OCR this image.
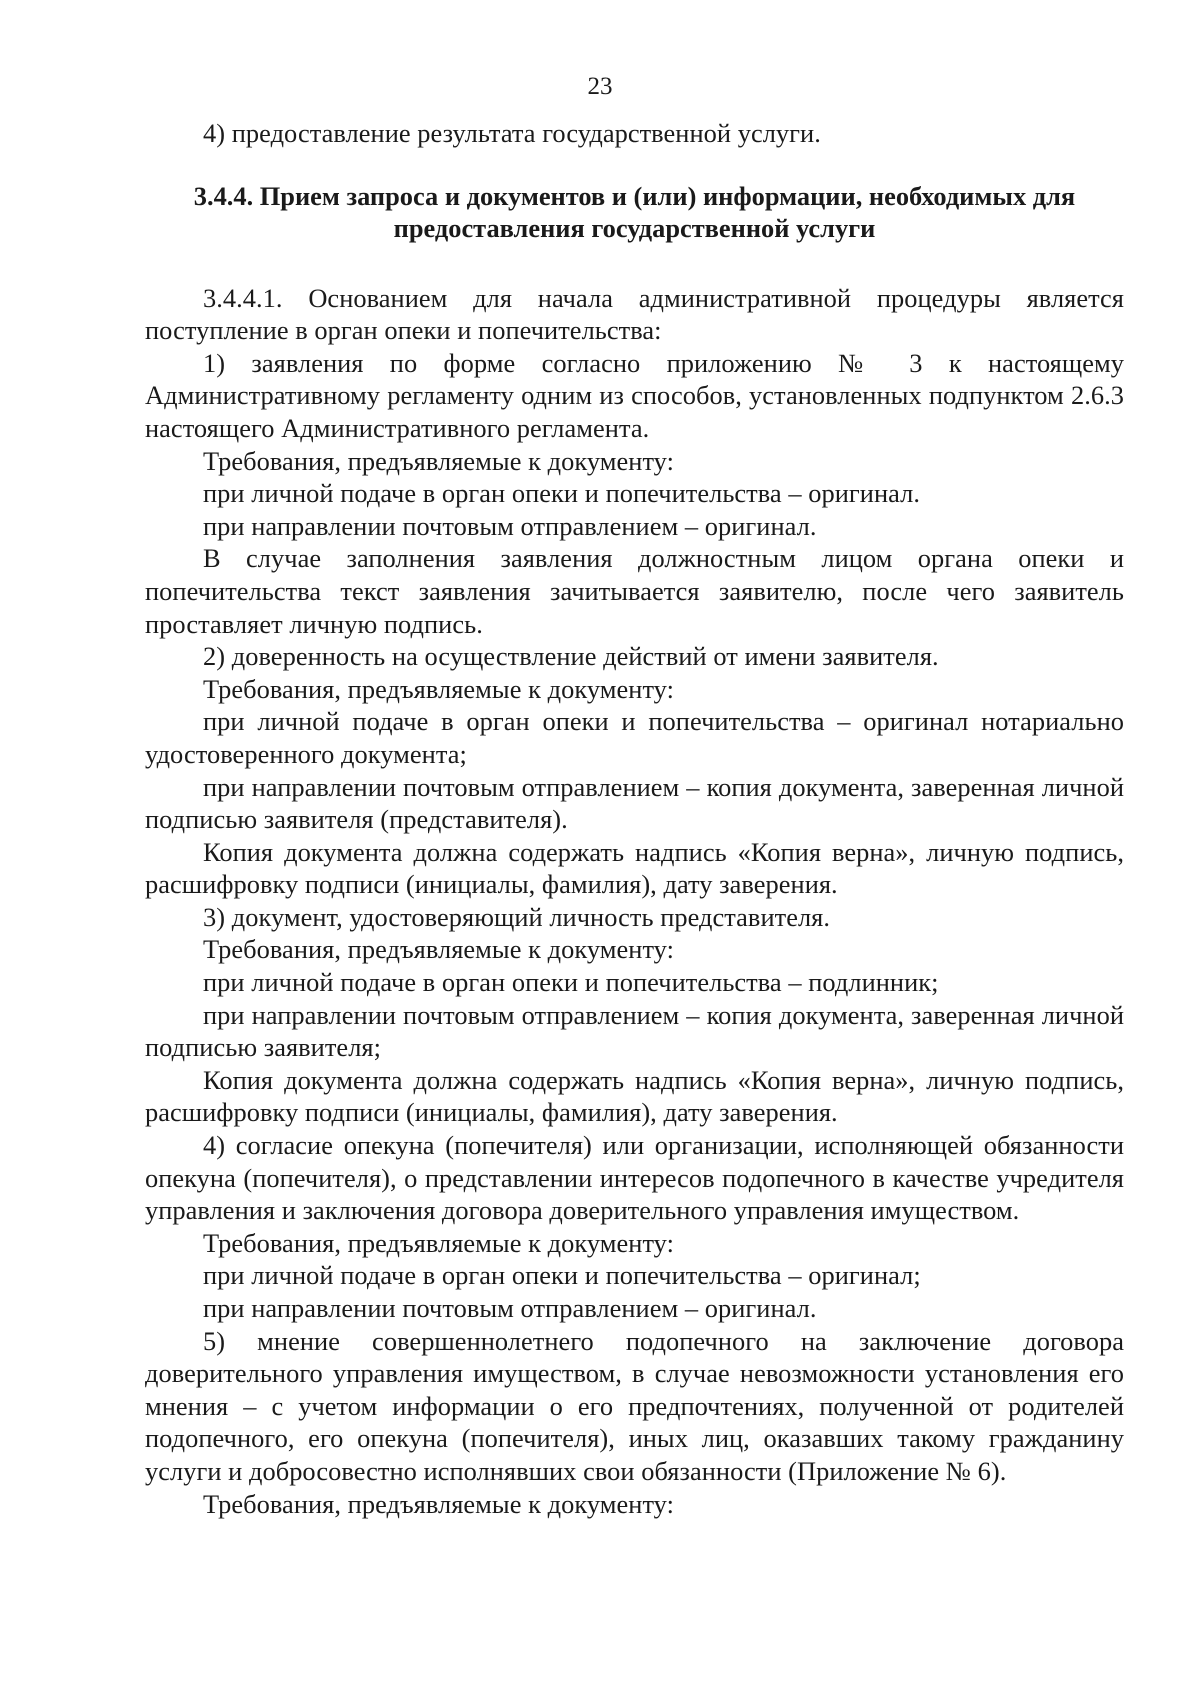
23

4) предоставление результата государственной услуги.

3.4.4. Прием запроса и документов и (или) информации, необходимых для предоставления государственной услуги

3.4.4.1. Основанием для начала административной процедуры является поступление в орган опеки и попечительства:

1) заявления по форме согласно приложению № 3 к настоящему Административному регламенту одним из способов, установленных подпунктом 2.6.3 настоящего Административного регламента.

Требования, предъявляемые к документу:

при личной подаче в орган опеки и попечительства – оригинал.

при направлении почтовым отправлением – оригинал.

В случае заполнения заявления должностным лицом органа опеки и попечительства текст заявления зачитывается заявителю, после чего заявитель проставляет личную подпись.

2) доверенность на осуществление действий от имени заявителя.

Требования, предъявляемые к документу:

при личной подаче в орган опеки и попечительства – оригинал нотариально удостоверенного документа;

при направлении почтовым отправлением – копия документа, заверенная личной подписью заявителя (представителя).

Копия документа должна содержать надпись «Копия верна», личную подпись, расшифровку подписи (инициалы, фамилия), дату заверения.

3) документ, удостоверяющий личность представителя.

Требования, предъявляемые к документу:

при личной подаче в орган опеки и попечительства – подлинник;

при направлении почтовым отправлением – копия документа, заверенная личной подписью заявителя;

Копия документа должна содержать надпись «Копия верна», личную подпись, расшифровку подписи (инициалы, фамилия), дату заверения.

4) согласие опекуна (попечителя) или организации, исполняющей обязанности опекуна (попечителя), о представлении интересов подопечного в качестве учредителя управления и заключения договора доверительного управления имуществом.

Требования, предъявляемые к документу:

при личной подаче в орган опеки и попечительства – оригинал;

при направлении почтовым отправлением – оригинал.

5) мнение совершеннолетнего подопечного на заключение договора доверительного управления имуществом, в случае невозможности установления его мнения – с учетом информации о его предпочтениях, полученной от родителей подопечного, его опекуна (попечителя), иных лиц, оказавших такому гражданину услуги и добросовестно исполнявших свои обязанности (Приложение № 6).

Требования, предъявляемые к документу:
